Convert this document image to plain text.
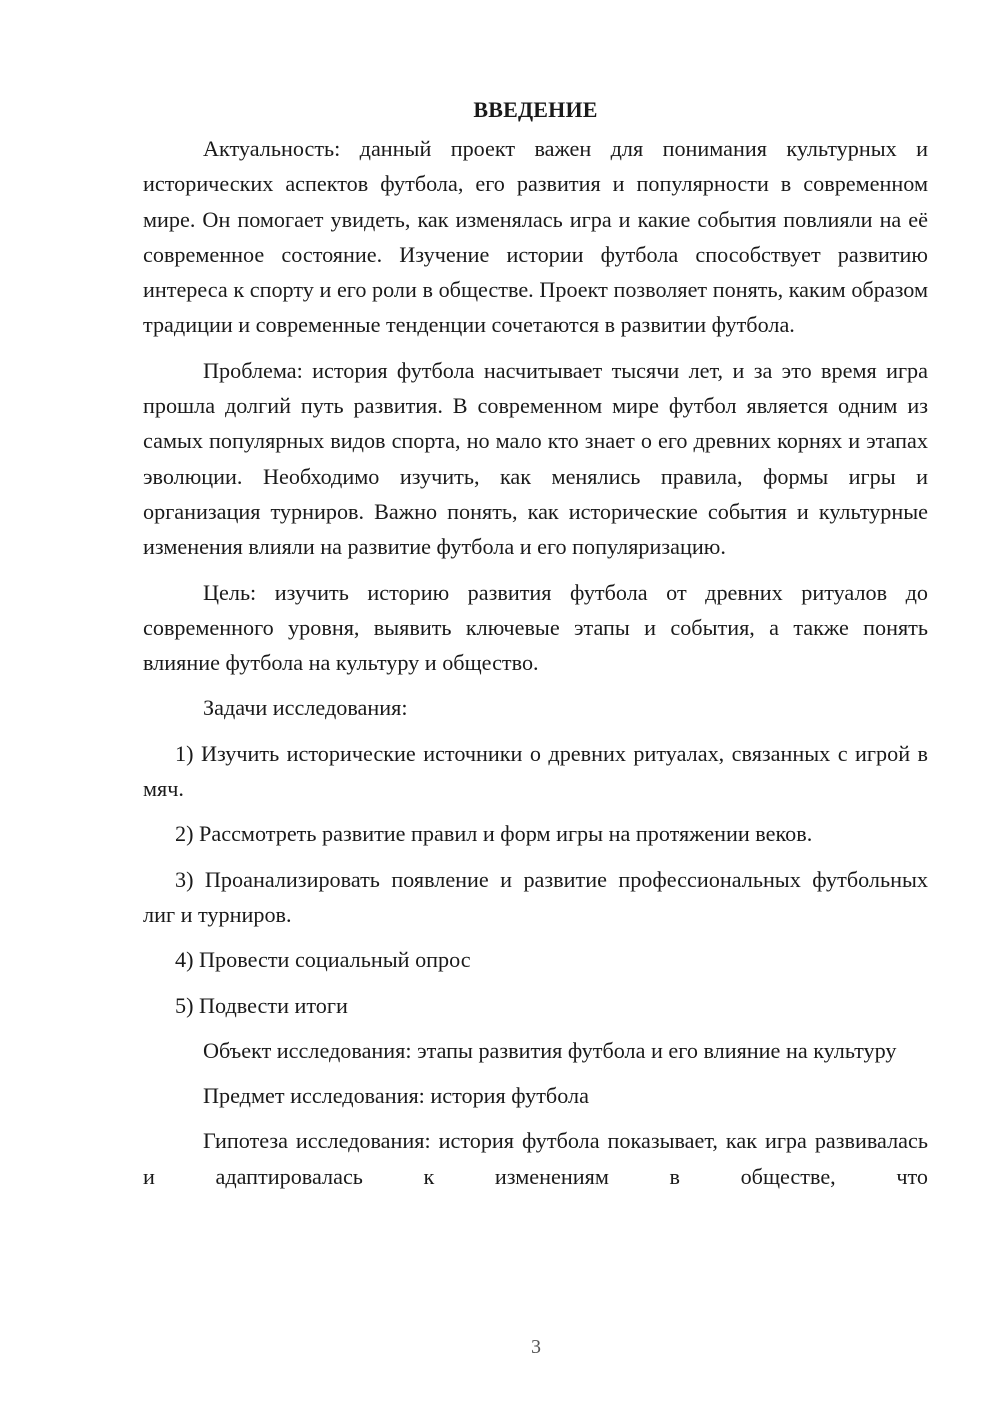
ВВЕДЕНИЕ

Актуальность: данный проект важен для понимания культурных и исторических аспектов футбола, его развития и популярности в современном мире. Он помогает увидеть, как изменялась игра и какие события повлияли на её современное состояние. Изучение истории футбола способствует развитию интереса к спорту и его роли в обществе. Проект позволяет понять, каким образом традиции и современные тенденции сочетаются в развитии футбола.

Проблема: история футбола насчитывает тысячи лет, и за это время игра прошла долгий путь развития. В современном мире футбол является одним из самых популярных видов спорта, но мало кто знает о его древних корнях и этапах эволюции. Необходимо изучить, как менялись правила, формы игры и организация турниров. Важно понять, как исторические события и культурные изменения влияли на развитие футбола и его популяризацию.

Цель: изучить историю развития футбола от древних ритуалов до современного уровня, выявить ключевые этапы и события, а также понять влияние футбола на культуру и общество.

Задачи исследования:

1) Изучить исторические источники о древних ритуалах, связанных с игрой в мяч.

2) Рассмотреть развитие правил и форм игры на протяжении веков.

3) Проанализировать появление и развитие профессиональных футбольных лиг и турниров.

4) Провести социальный опрос

5) Подвести итоги

Объект исследования: этапы развития футбола и его влияние на культуру

Предмет исследования: история футбола

Гипотеза исследования: история футбола показывает, как игра развивалась и адаптировалась к изменениям в обществе, что

3
